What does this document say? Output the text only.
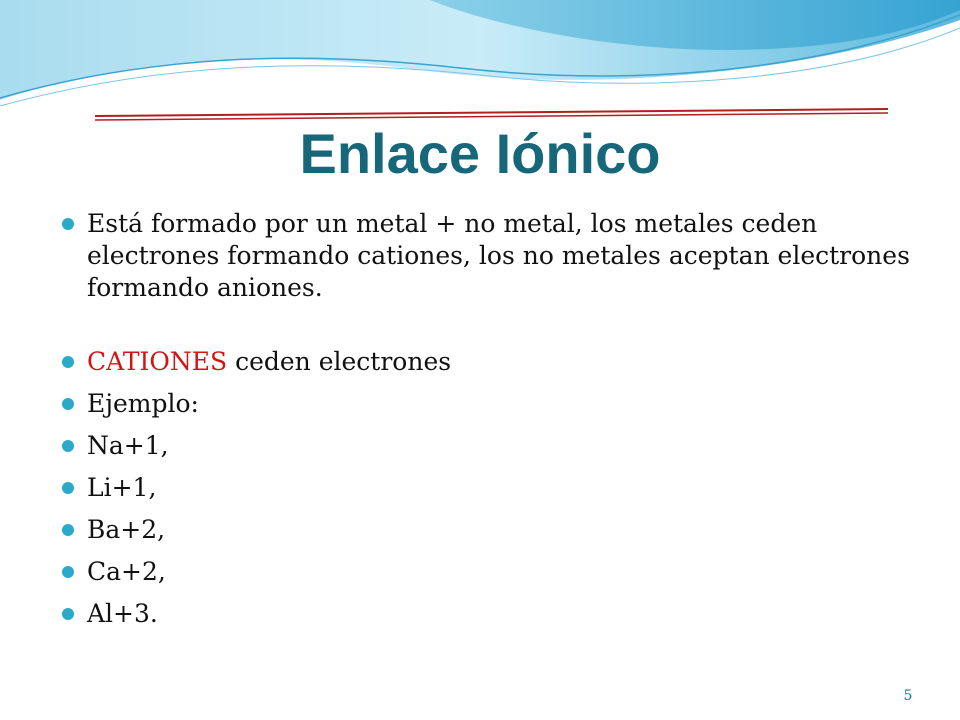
Enlace Iónico
Está formado por un metal + no metal, los metales ceden electrones formando cationes, los no metales aceptan electrones formando aniones.
CATIONES ceden electrones
Ejemplo:
Na+1,
Li+1,
Ba+2,
Ca+2,
Al+3.
5
